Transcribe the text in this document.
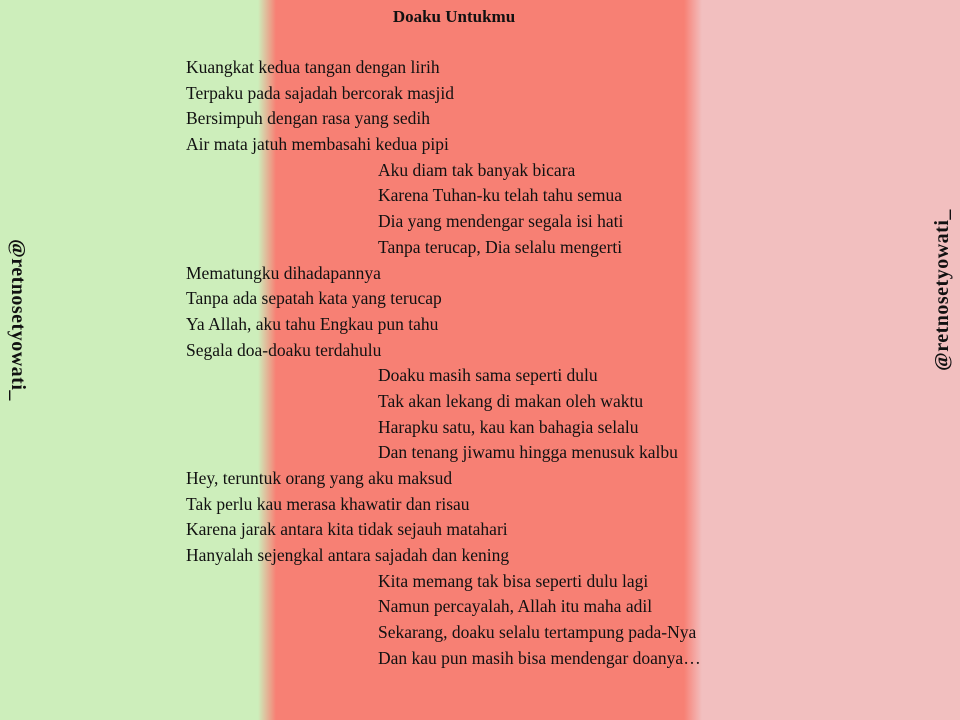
Doaku Untukmu
Kuangkat kedua tangan dengan lirih
Terpaku pada sajadah bercorak masjid
Bersimpuh dengan rasa yang sedih
Air mata jatuh membasahi kedua pipi
Aku diam tak banyak bicara
Karena Tuhan-ku telah tahu semua
Dia yang mendengar segala isi hati
Tanpa terucap, Dia selalu mengerti
Mematungku dihadapannya
Tanpa ada sepatah kata yang terucap
Ya Allah, aku tahu Engkau pun tahu
Segala doa-doaku terdahulu
Doaku masih sama seperti dulu
Tak akan lekang di makan oleh waktu
Harapku satu, kau kan bahagia selalu
Dan tenang jiwamu hingga menusuk kalbu
Hey, teruntuk orang yang aku maksud
Tak perlu kau merasa khawatir dan risau
Karena jarak antara kita tidak sejauh matahari
Hanyalah sejengkal antara sajadah dan kening
Kita memang tak bisa seperti dulu lagi
Namun percayalah, Allah itu maha adil
Sekarang, doaku selalu tertampung pada-Nya
Dan kau pun masih bisa mendengar doanya…
@retnosetyowati_	@retnosetyowati_
